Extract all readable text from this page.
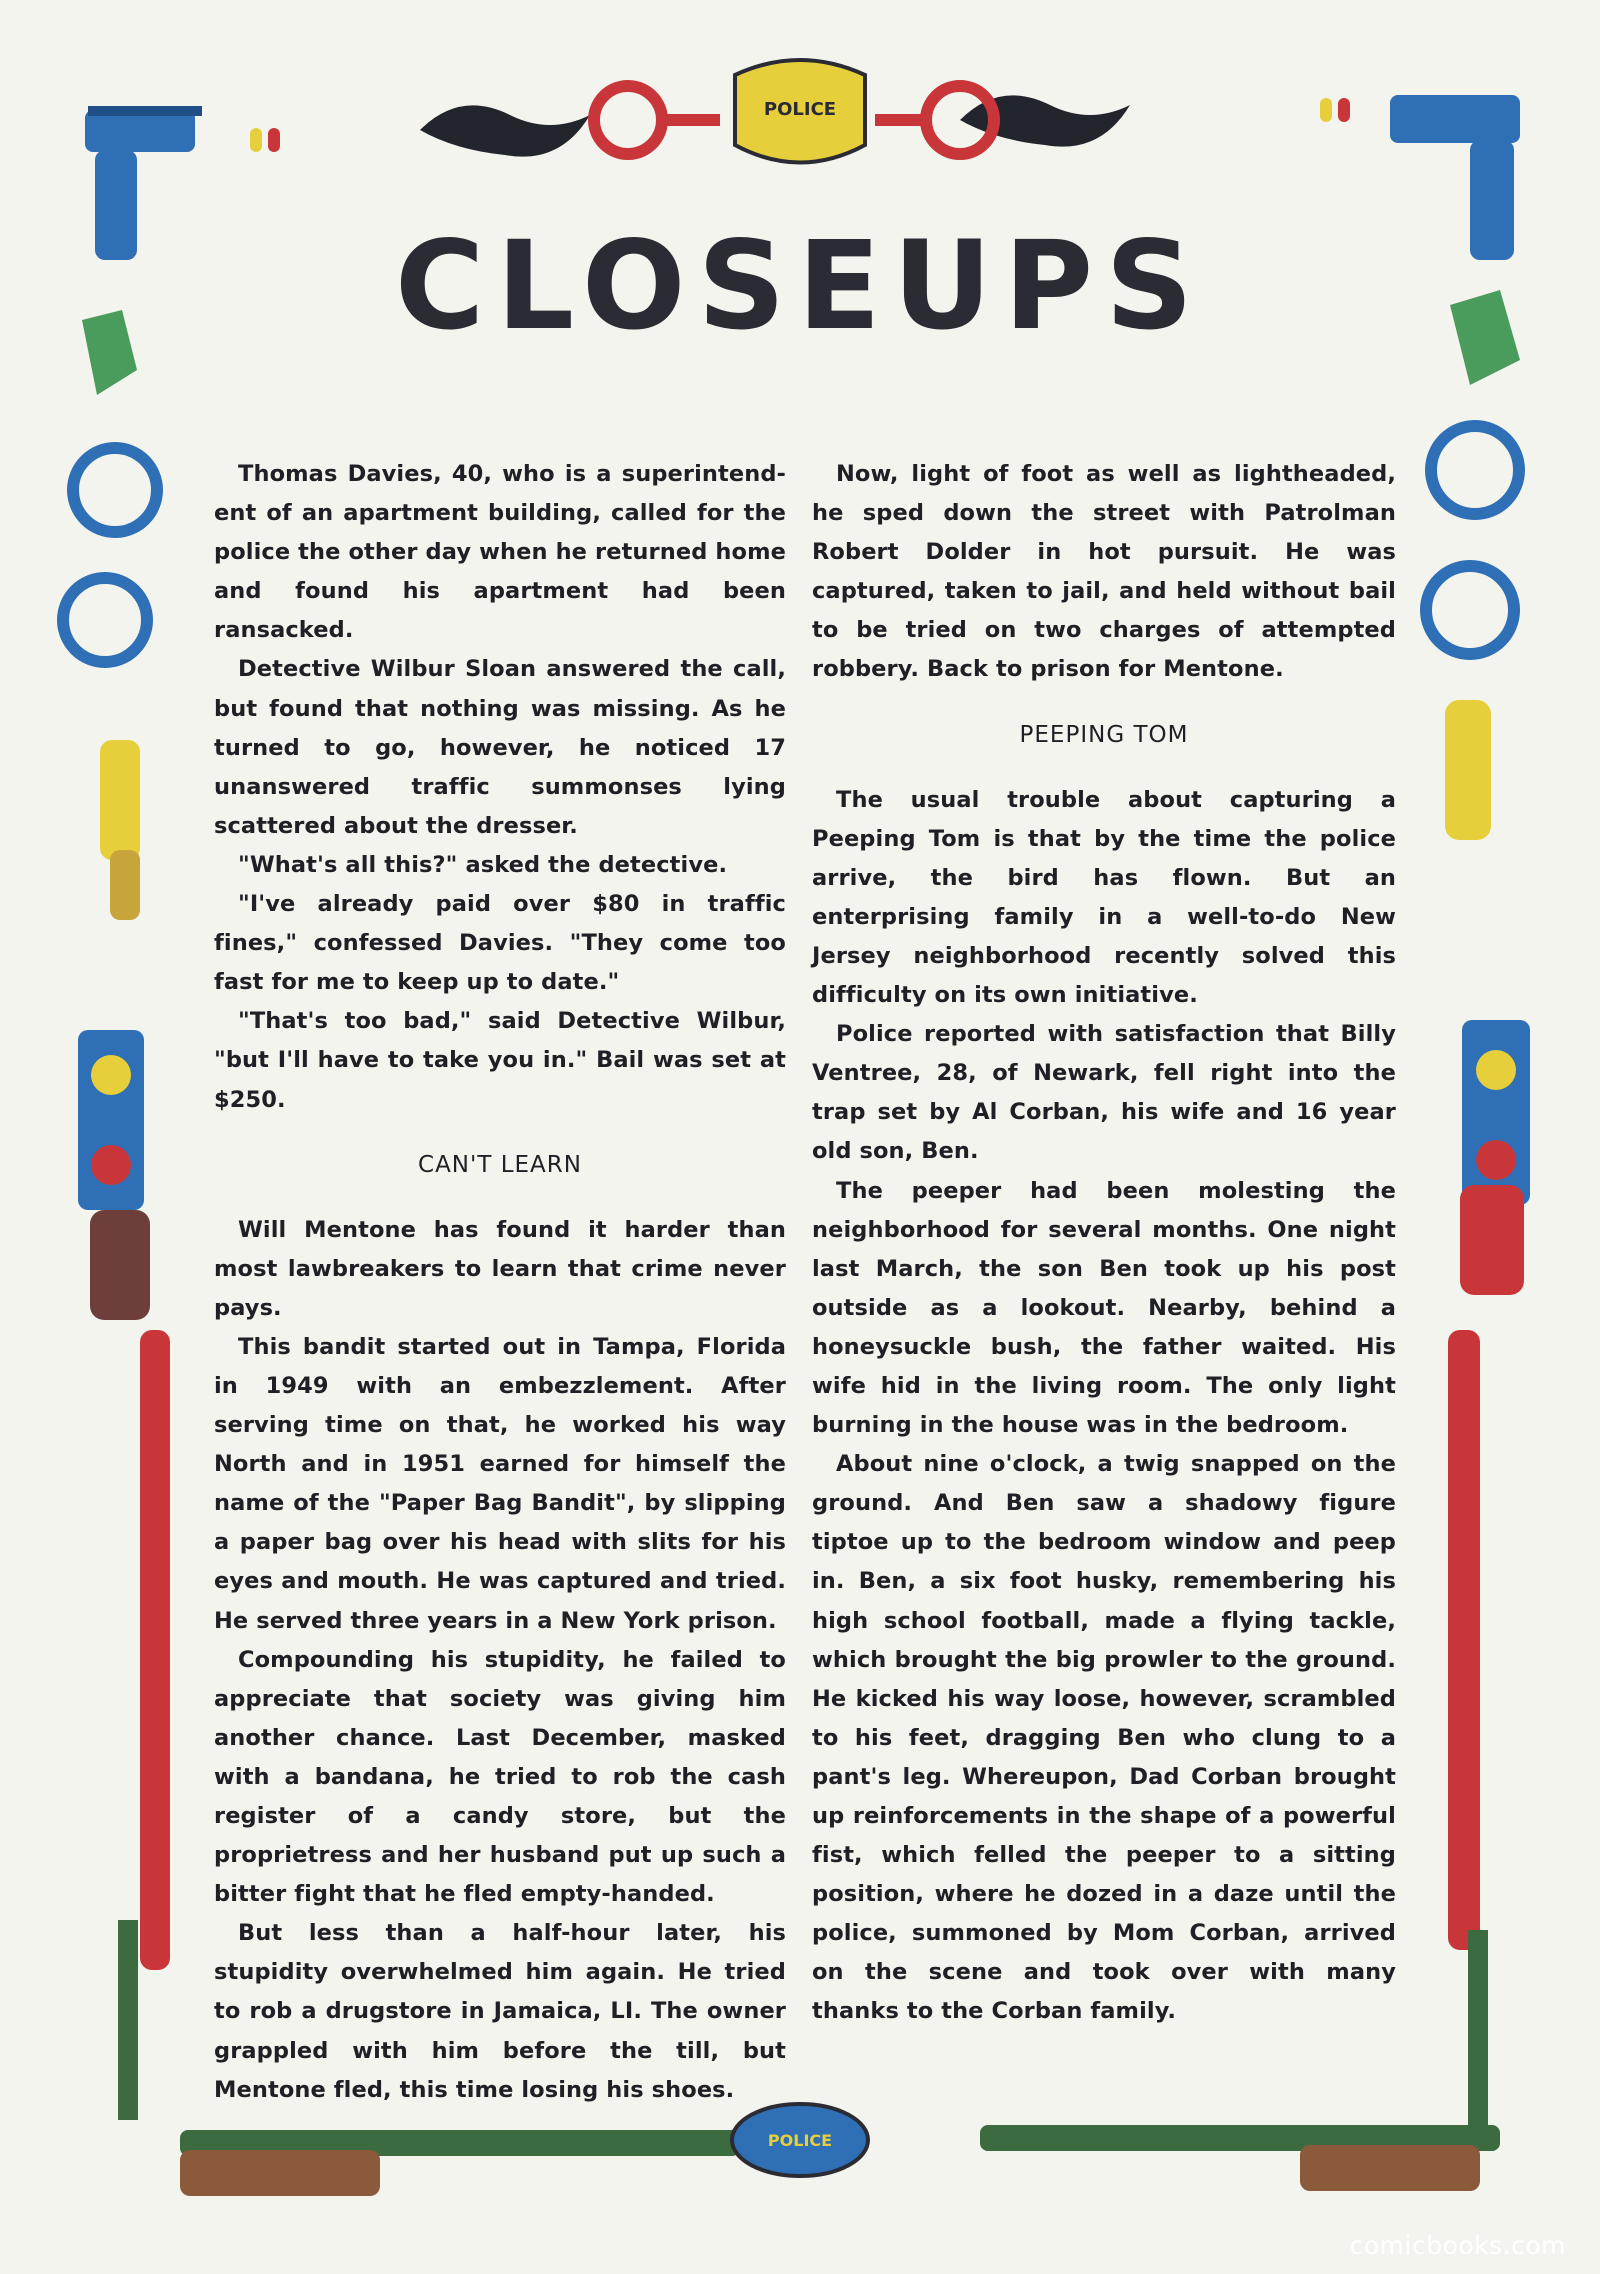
POLICE
POLICE
CLOSEUPS

Thomas Davies, 40, who is a superintend-ent of an apartment building, called for the police the other day when he returned home and found his apartment had been ransacked.

Detective Wilbur Sloan answered the call, but found that nothing was missing. As he turned to go, however, he noticed 17 unanswered traffic summonses lying scattered about the dresser.

"What's all this?" asked the detective.

"I've already paid over $80 in traffic fines," confessed Davies. "They come too fast for me to keep up to date."

"That's too bad," said Detective Wilbur, "but I'll have to take you in." Bail was set at $250.

CAN'T LEARN

Will Mentone has found it harder than most lawbreakers to learn that crime never pays.

This bandit started out in Tampa, Florida in 1949 with an embezzlement. After serving time on that, he worked his way North and in 1951 earned for himself the name of the "Paper Bag Bandit", by slipping a paper bag over his head with slits for his eyes and mouth. He was captured and tried. He served three years in a New York prison.

Compounding his stupidity, he failed to appreciate that society was giving him another chance. Last December, masked with a bandana, he tried to rob the cash register of a candy store, but the proprietress and her husband put up such a bitter fight that he fled empty-handed.

But less than a half-hour later, his stupidity overwhelmed him again. He tried to rob a drugstore in Jamaica, LI. The owner grappled with him before the till, but Mentone fled, this time losing his shoes.

Now, light of foot as well as lightheaded, he sped down the street with Patrolman Robert Dolder in hot pursuit. He was captured, taken to jail, and held without bail to be tried on two charges of attempted robbery. Back to prison for Mentone.

PEEPING TOM

The usual trouble about capturing a Peeping Tom is that by the time the police arrive, the bird has flown. But an enterprising family in a well-to-do New Jersey neighborhood recently solved this difficulty on its own initiative.

Police reported with satisfaction that Billy Ventree, 28, of Newark, fell right into the trap set by Al Corban, his wife and 16 year old son, Ben.

The peeper had been molesting the neighborhood for several months. One night last March, the son Ben took up his post outside as a lookout. Nearby, behind a honeysuckle bush, the father waited. His wife hid in the living room. The only light burning in the house was in the bedroom.

About nine o'clock, a twig snapped on the ground. And Ben saw a shadowy figure tiptoe up to the bedroom window and peep in. Ben, a six foot husky, remembering his high school football, made a flying tackle, which brought the big prowler to the ground. He kicked his way loose, however, scrambled to his feet, dragging Ben who clung to a pant's leg. Whereupon, Dad Corban brought up reinforcements in the shape of a powerful fist, which felled the peeper to a sitting position, where he dozed in a daze until the police, summoned by Mom Corban, arrived on the scene and took over with many thanks to the Corban family.

comicbooks.com
